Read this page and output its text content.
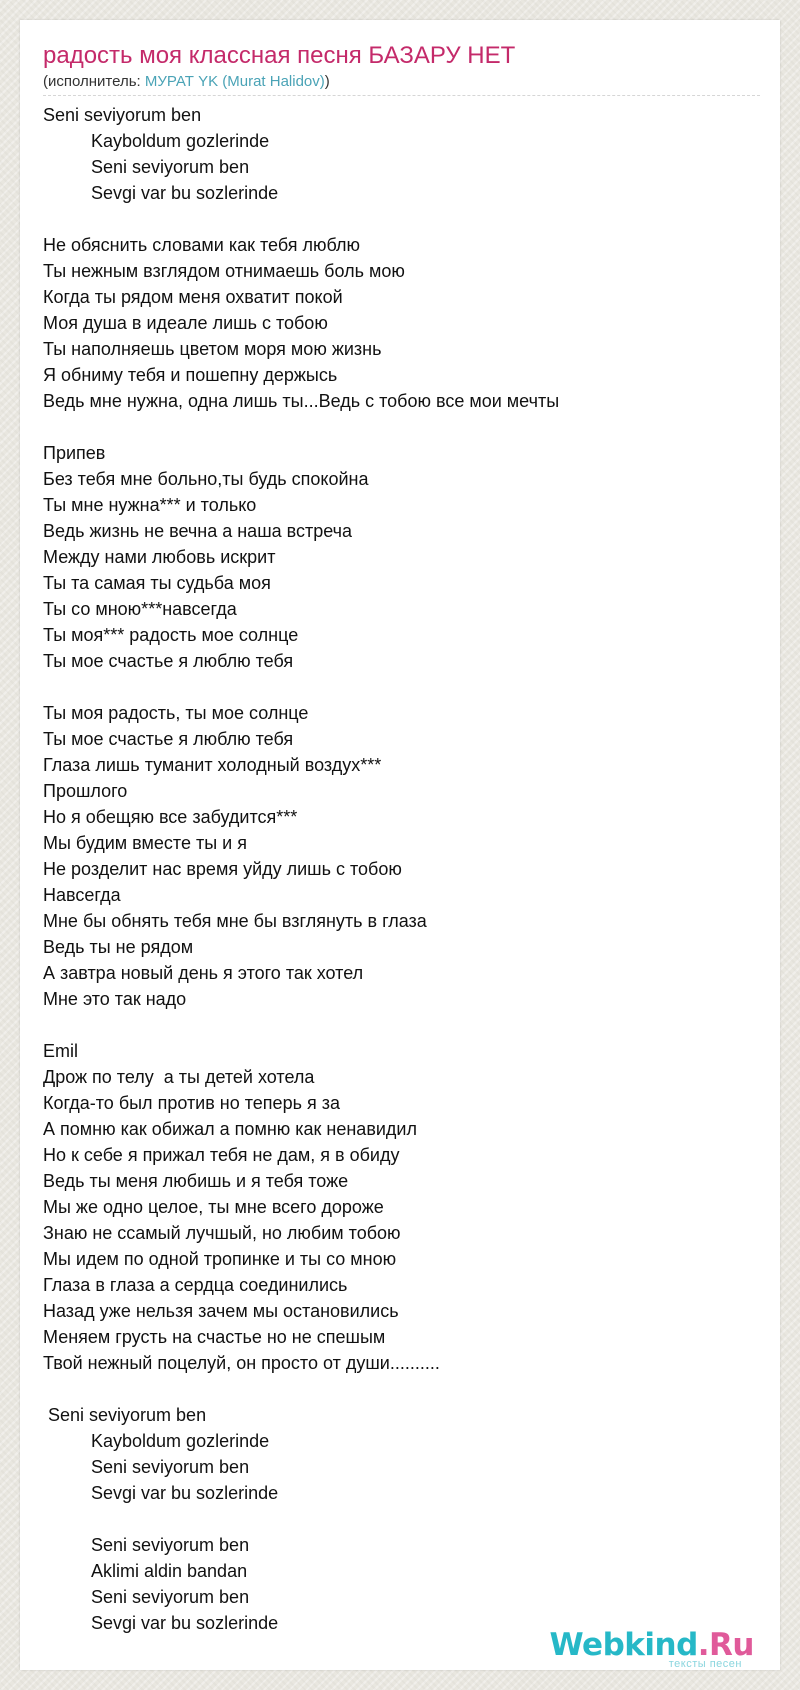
радость моя классная песня БАЗАРУ НЕТ
(исполнитель: МУРАТ YK (Murat Halidov))
Seni seviyorum ben
Kayboldum gozlerinde
Seni seviyorum ben
Sevgi var bu sozlerinde
Не обяснить словами как тебя люблю
Ты нежным взглядом отнимаешь боль мою
Когда ты рядом меня охватит покой
Моя душа в идеале лишь с тобою
Ты наполняешь цветом моря мою жизнь
Я обниму тебя и пошепну держысь
Ведь мне нужна, одна лишь ты...Ведь с тобою все мои мечты
Припев
Без тебя мне больно,ты будь спокойна
Ты мне нужна*** и только
Ведь жизнь не вечна а наша встреча
Между нами любовь искрит
Ты та самая ты судьба моя
Ты со мною***навсегда
Ты моя*** радость мое солнце
Ты мое счастье я люблю тебя
Ты моя радость, ты мое солнце
Ты мое счастье я люблю тебя
Глаза лишь туманит холодный воздух***
Прошлого
Но я обещяю все забудится***
Мы будим вместе ты и я
Не розделит нас время уйду лишь с тобою
Навсегда
Мне бы обнять тебя мне бы взглянуть в глаза
Ведь ты не рядом
А завтра новый день я этого так хотел
Мне это так надо
Emil
Дрож по телу  а ты детей хотела
Когда-то был против но теперь я за
А помню как обижал а помню как ненавидил
Но к себе я прижал тебя не дам, я в обиду
Ведь ты меня любишь и я тебя тоже
Мы же одно целое, ты мне всего дороже
Знаю не ссамый лучшый, но любим тобою
Мы идем по одной тропинке и ты со мною
Глаза в глаза а сердца соединились
Назад уже нельзя зачем мы остановились
Меняем грусть на счастье но не спешым
Твой нежный поцелуй, он просто от души..........
Seni seviyorum ben
Kayboldum gozlerinde
Seni seviyorum ben
Sevgi var bu sozlerinde
Seni seviyorum ben
Aklimi aldin bandan
Seni seviyorum ben
Sevgi var bu sozlerinde
Webkind.Ru
тексты песен
